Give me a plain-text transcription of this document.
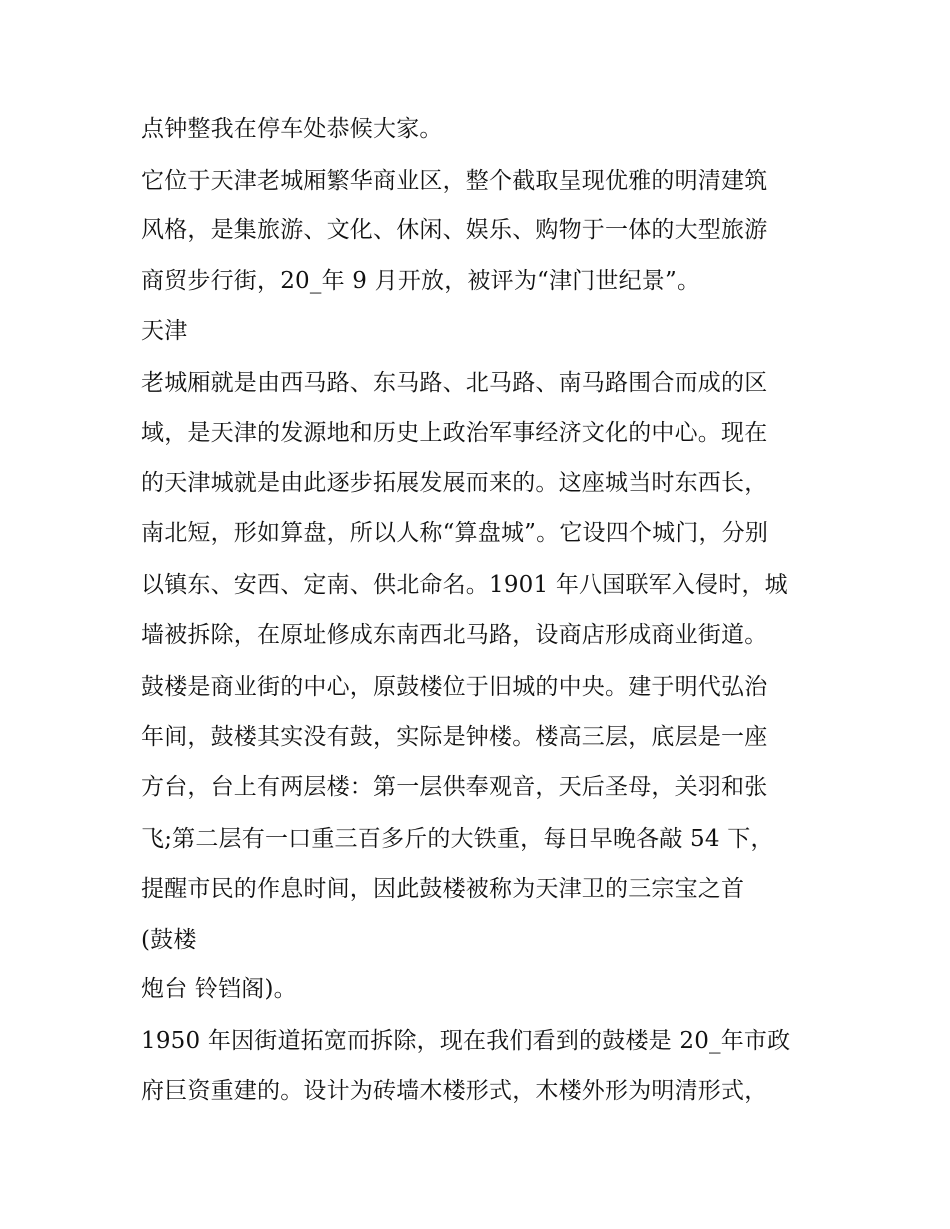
点钟整我在停车处恭候大家。
它位于天津老城厢繁华商业区，整个截取呈现优雅的明清建筑
风格，是集旅游、文化、休闲、娱乐、购物于一体的大型旅游
商贸步行街，20_年 9 月开放，被评为“津门世纪景”。
天津
老城厢就是由西马路、东马路、北马路、南马路围合而成的区
域，是天津的发源地和历史上政治军事经济文化的中心。现在
的天津城就是由此逐步拓展发展而来的。这座城当时东西长，
南北短，形如算盘，所以人称“算盘城”。它设四个城门，分别
以镇东、安西、定南、供北命名。1901 年八国联军入侵时，城
墙被拆除，在原址修成东南西北马路，设商店形成商业街道。
鼓楼是商业街的中心，原鼓楼位于旧城的中央。建于明代弘治
年间，鼓楼其实没有鼓，实际是钟楼。楼高三层，底层是一座
方台，台上有两层楼：第一层供奉观音，天后圣母，关羽和张
飞;第二层有一口重三百多斤的大铁重，每日早晚各敲 54 下，
提醒市民的作息时间，因此鼓楼被称为天津卫的三宗宝之首
(鼓楼
炮台 铃铛阁)。
1950 年因街道拓宽而拆除，现在我们看到的鼓楼是 20_年市政
府巨资重建的。设计为砖墙木楼形式，木楼外形为明清形式，
